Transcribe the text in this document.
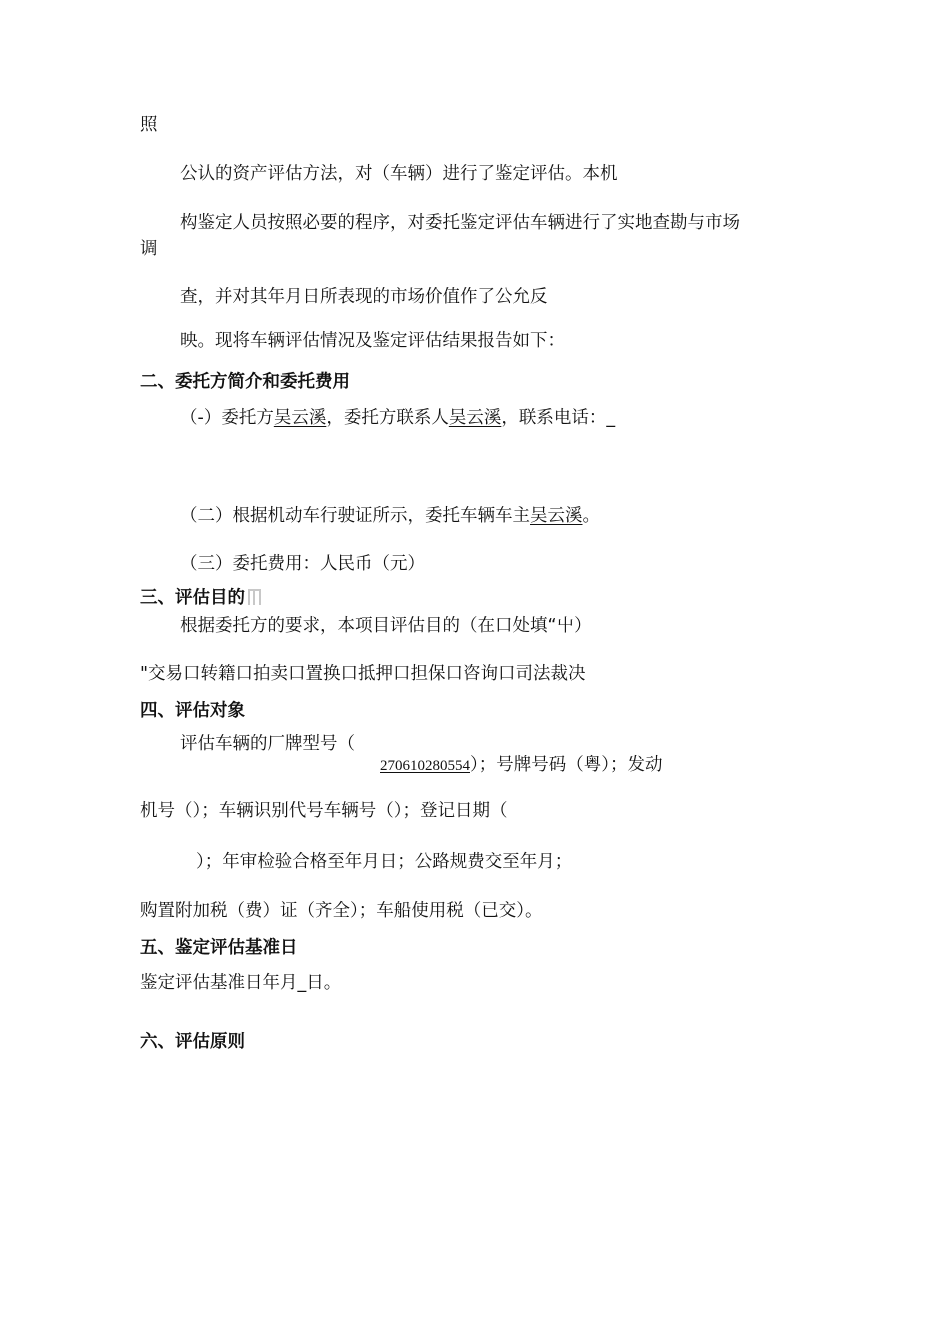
照
公认的资产评估方法，对（车辆）进行了鉴定评估。本机
构鉴定人员按照必要的程序，对委托鉴定评估车辆进行了实地查勘与市场
调
查，并对其年月日所表现的市场价值作了公允反
映。现将车辆评估情况及鉴定评估结果报告如下：
二、委托方简介和委托费用
（-）委托方吴云溪，委托方联系人吴云溪，联系电话：_
（二）根据机动车行驶证所示，委托车辆车主吴云溪。
（三）委托费用：人民币（元）
三、评估目的
根据委托方的要求，本项目评估目的（在口处填“屮）
"交易口转籍口拍卖口置换口抵押口担保口咨询口司法裁决
四、评估对象
评估车辆的厂牌型号（
270610280554）；号牌号码（粤）；发动
机号（）；车辆识别代号车辆号（）；登记日期（
）；年审检验合格至年月日；公路规费交至年月；
购置附加税（费）证（齐全）；车船使用税（已交）。
五、鉴定评估基准日
鉴定评估基准日年月_日。
六、评估原则
